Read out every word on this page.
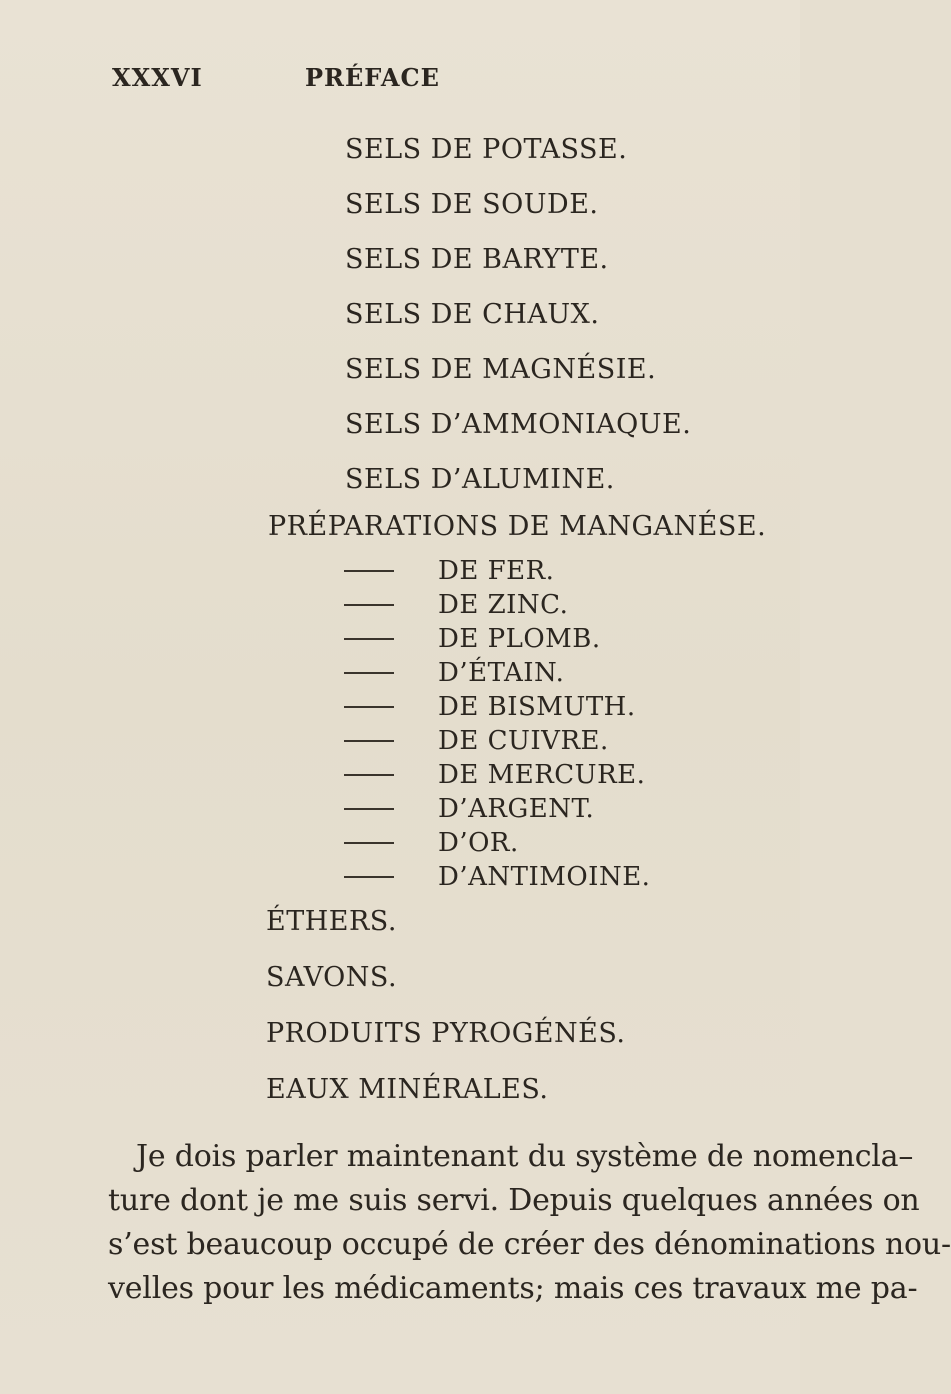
XXXVI	PRÉFACE
SELS DE POTASSE.
SELS DE SOUDE.
SELS DE BARYTE.
SELS DE CHAUX.
SELS DE MAGNÉSIE.
SELS D’AMMONIAQUE.
SELS D’ALUMINE.
PRÉPARATIONS DE MANGANÉSE.
DE FER.
DE ZINC.
DE PLOMB.
D’ÉTAIN.
DE BISMUTH.
DE CUIVRE.
DE MERCURE.
D’ARGENT.
D’OR.
D’ANTIMOINE.
ÉTHERS.
SAVONS.
PRODUITS PYROGÉNÉS.
EAUX MINÉRALES.

Je dois parler maintenant du système de nomencla–

ture dont je me suis servi. Depuis quelques années on

s’est beaucoup occupé de créer des dénominations nou-

velles pour les médicaments; mais ces travaux me pa-
